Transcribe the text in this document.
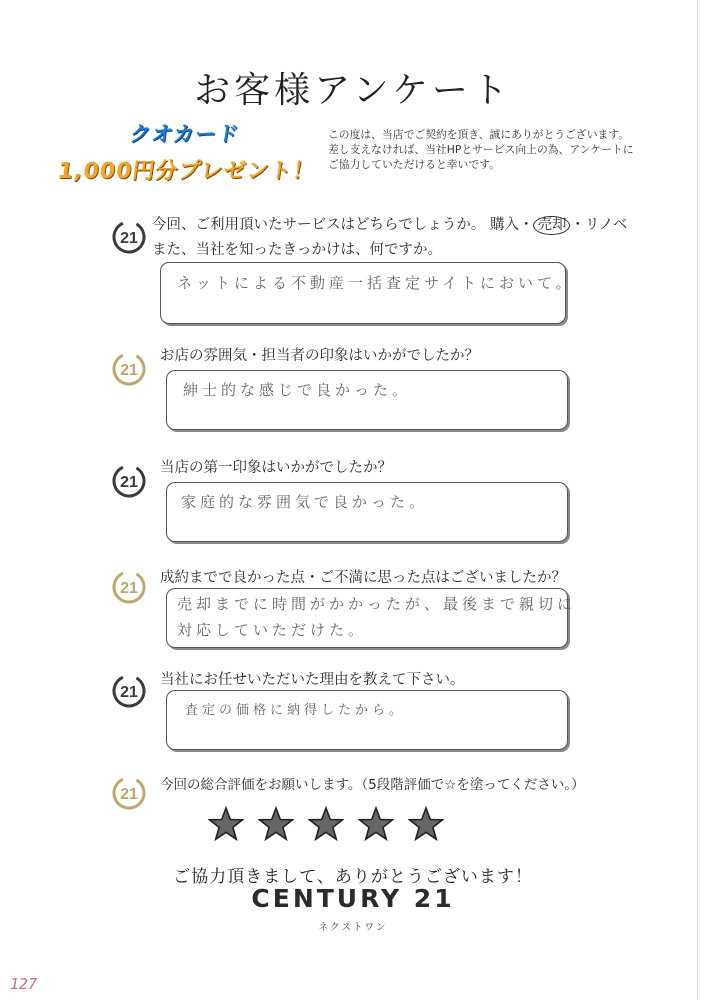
お客様アンケート
クオカード
1,000円分プレゼント！
この度は、当店でご契約を頂き、誠にありがとうございます。
差し支えなければ、当社HPとサービス向上の為、アンケートに
ご協力していただけると幸いです。
21
今回、ご利用頂いたサービスはどちらでしょうか。 購入・ 売却 ・リノベ
また、当社を知ったきっかけは、何ですか。
ネットによる不動産一括査定サイトにおいて。
21
お店の雰囲気・担当者の印象はいかがでしたか？
紳士的な感じで良かった。
21
当店の第一印象はいかがでしたか？
家庭的な雰囲気で良かった。
21
成約までで良かった点・ご不満に思った点はございましたか？
売却までに時間がかかったが、最後まで親切に
対応していただけた。
21
当社にお任せいただいた理由を教えて下さい。
査定の価格に納得したから。
21
今回の総合評価をお願いします。（5段階評価で☆を塗ってください。）
ご協力頂きまして、ありがとうございます！
CENTURY 21
ネクストワン
127
